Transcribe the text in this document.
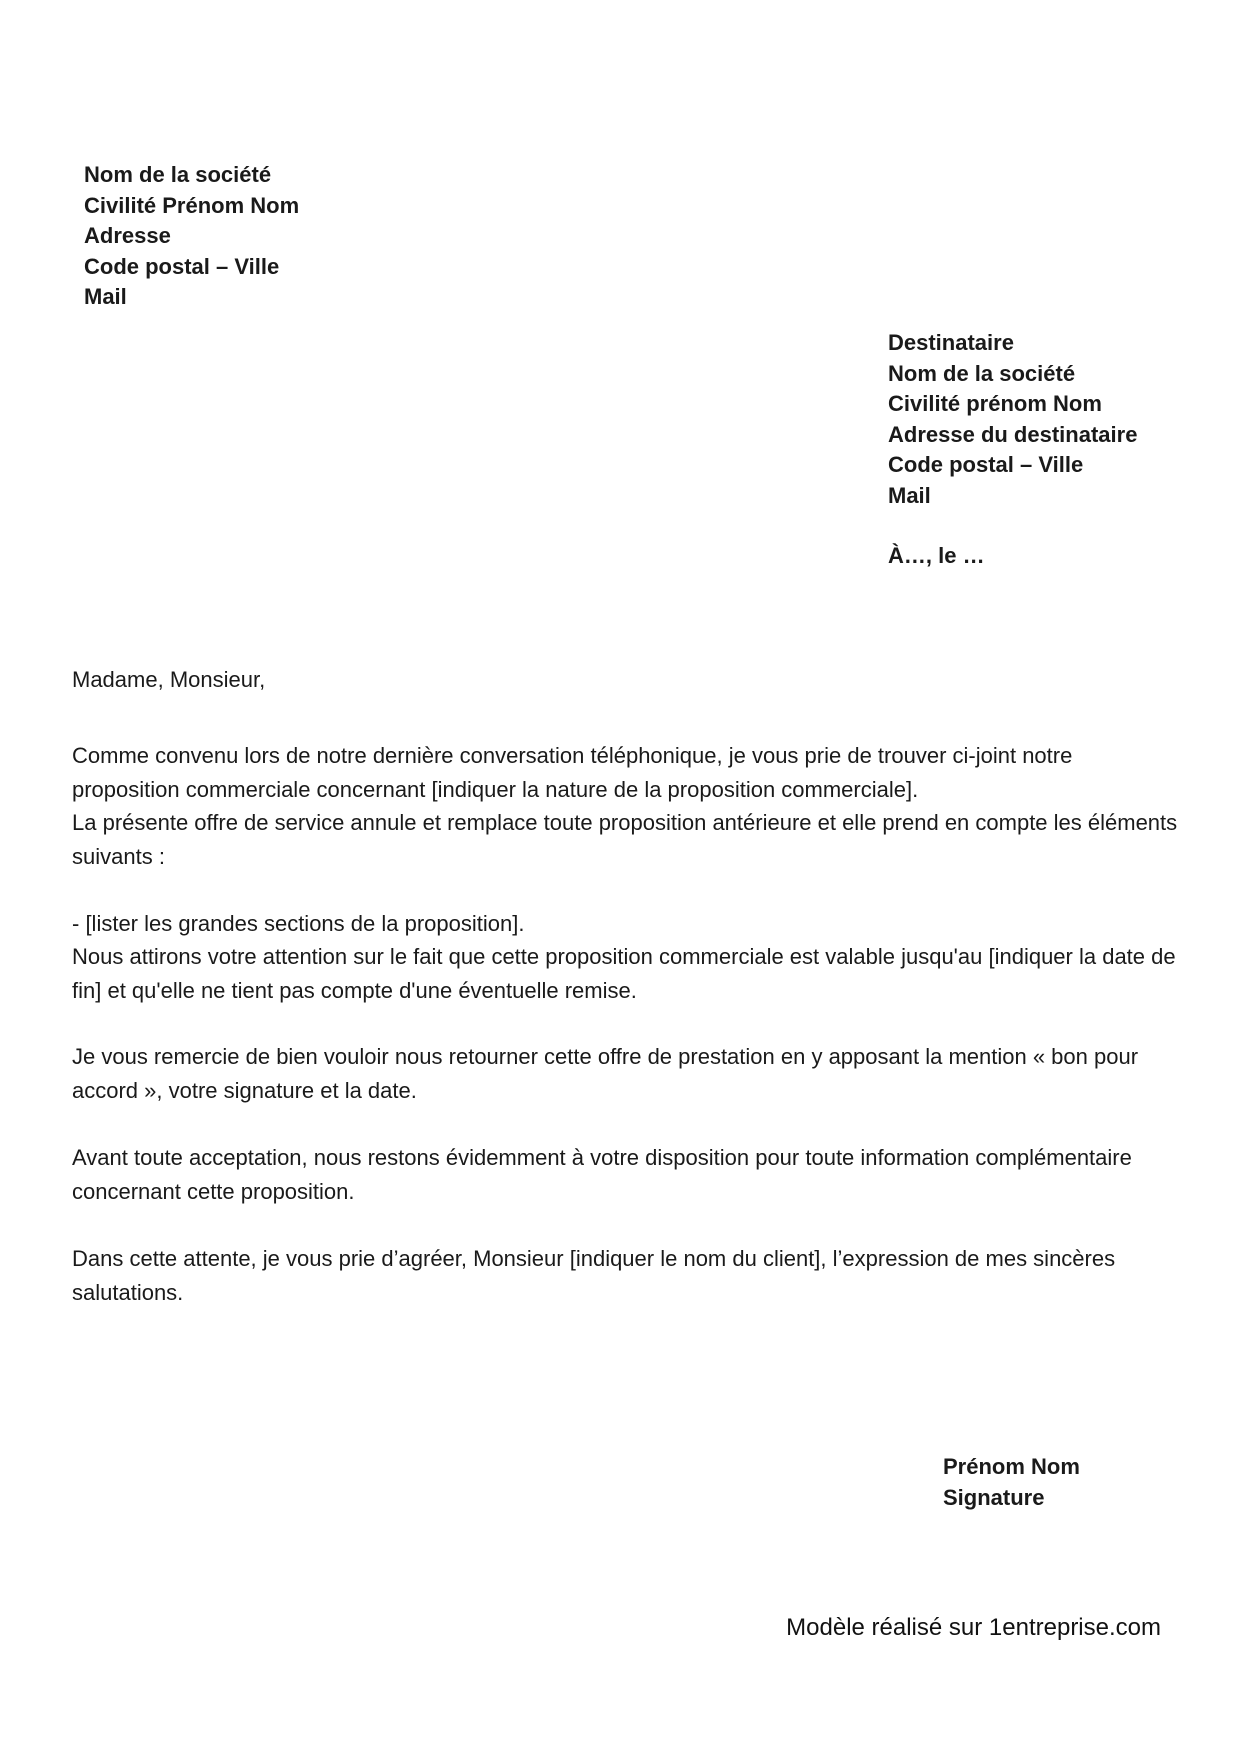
Nom de la société
Civilité Prénom Nom
Adresse
Code postal – Ville
Mail
Destinataire
Nom de la société
Civilité prénom Nom
Adresse du destinataire
Code postal – Ville
Mail
À…, le …
Madame, Monsieur,
Comme convenu lors de notre dernière conversation téléphonique, je vous prie de trouver ci-joint notre proposition commerciale concernant [indiquer la nature de la proposition commerciale].
La présente offre de service annule et remplace toute proposition antérieure et elle prend en compte les éléments suivants :
- [lister les grandes sections de la proposition].
Nous attirons votre attention sur le fait que cette proposition commerciale est valable jusqu'au [indiquer la date de fin] et qu'elle ne tient pas compte d'une éventuelle remise.
Je vous remercie de bien vouloir nous retourner cette offre de prestation en y apposant la mention « bon pour accord », votre signature et la date.
Avant toute acceptation, nous restons évidemment à votre disposition pour toute information complémentaire concernant cette proposition.
Dans cette attente, je vous prie d’agréer, Monsieur [indiquer le nom du client], l’expression de mes sincères salutations.
Prénom Nom
Signature
Modèle réalisé sur 1entreprise.com
